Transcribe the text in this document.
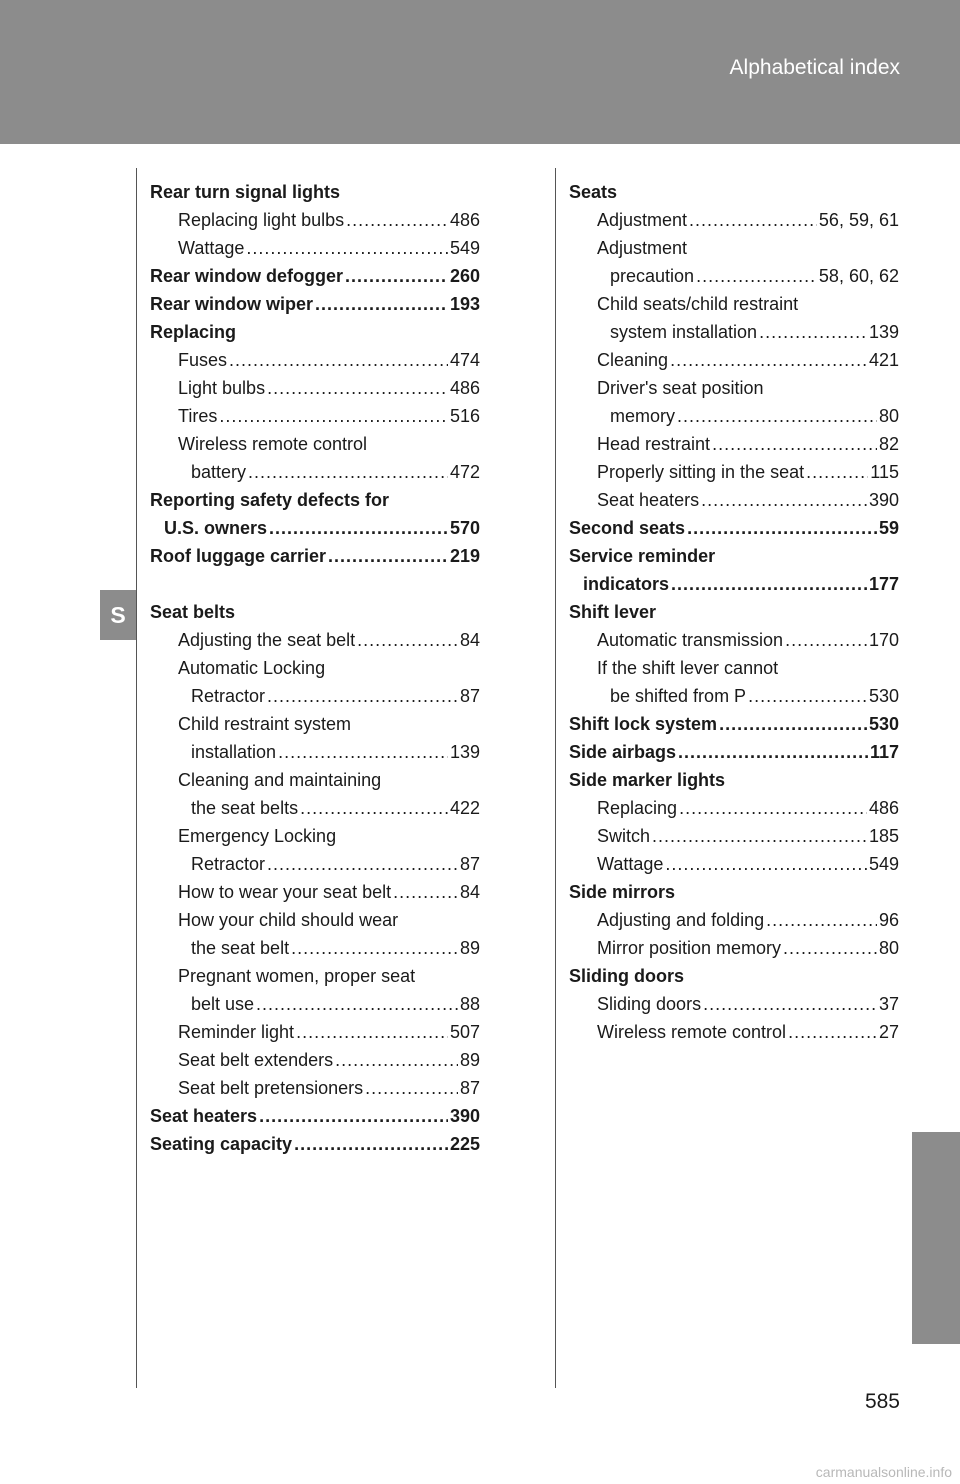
Alphabetical index
S
Rear turn signal lights
Replacing light bulbs .....	486
Wattage .....	549
Rear window defogger .....	260
Rear window wiper .....	193
Replacing
Fuses .....	474
Light bulbs .....	486
Tires .....	516
Wireless remote control
battery .....	472
Reporting safety defects for
U.S. owners .....	570
Roof luggage carrier .....	219
Seat belts
Adjusting the seat belt .....	84
Automatic Locking
Retractor .....	87
Child restraint system
installation .....	139
Cleaning and maintaining
the seat belts .....	422
Emergency Locking
Retractor .....	87
How to wear your seat belt .....	84
How your child should wear
the seat belt .....	89
Pregnant women, proper seat
belt use .....	88
Reminder light .....	507
Seat belt extenders .....	89
Seat belt pretensioners .....	87
Seat heaters .....	390
Seating capacity .....	225
Seats
Adjustment .....	56, 59, 61
Adjustment
precaution .....	58, 60, 62
Child seats/child restraint
system installation .....	139
Cleaning .....	421
Driver's seat position
memory .....	80
Head restraint .....	82
Properly sitting in the seat .....	115
Seat heaters .....	390
Second seats .....	59
Service reminder
indicators .....	177
Shift lever
Automatic transmission .....	170
If the shift lever cannot
be shifted from P .....	530
Shift lock system .....	530
Side airbags .....	117
Side marker lights
Replacing .....	486
Switch .....	185
Wattage .....	549
Side mirrors
Adjusting and folding .....	96
Mirror position memory .....	80
Sliding doors
Sliding doors .....	37
Wireless remote control .....	27
585
carmanualsonline.info
